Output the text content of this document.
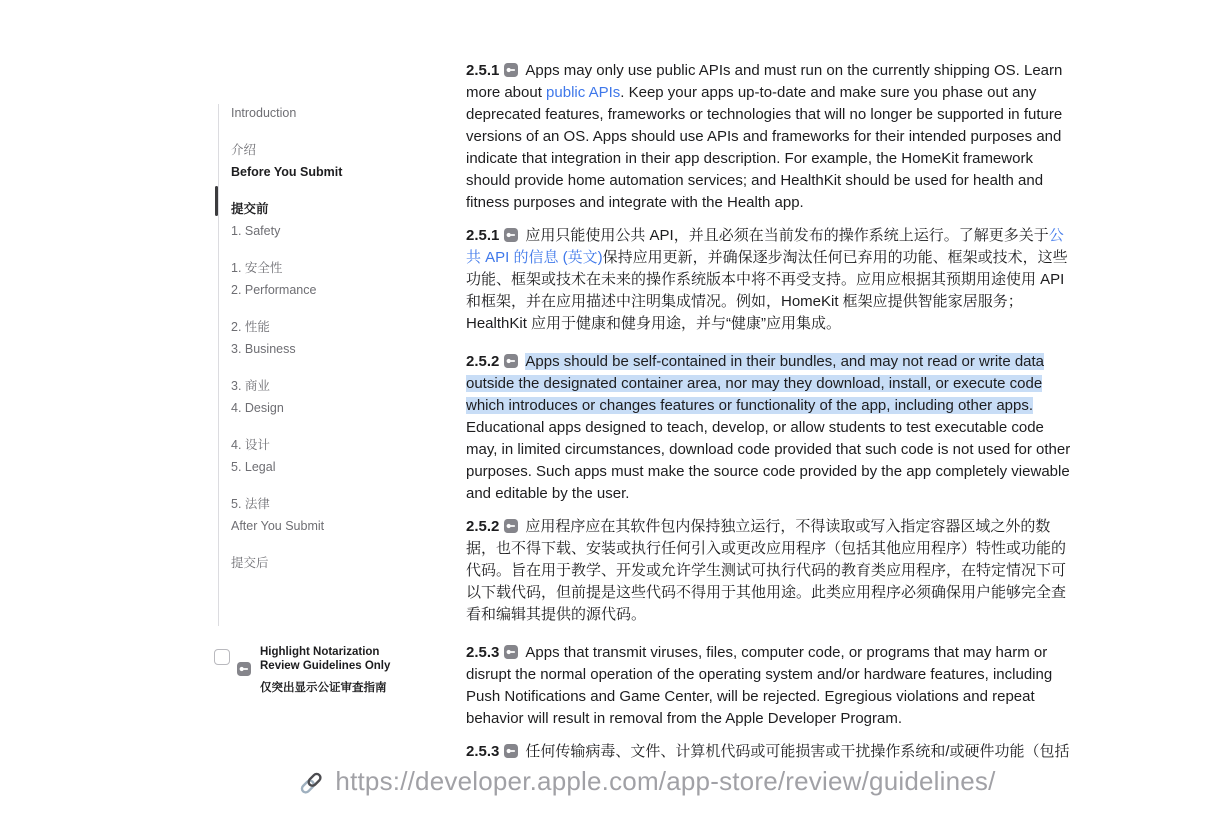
Introduction
介绍
Before You Submit
提交前
1. Safety
1. 安全性
2. Performance
2. 性能
3. Business
3. 商业
4. Design
4. 设计
5. Legal
5. 法律
After You Submit
提交后
Highlight Notarization Review Guidelines Only
仅突出显示公证审查指南

2.5.1 Apps may only use public APIs and must run on the currently shipping OS. Learn more about public APIs. Keep your apps up-to-date and make sure you phase out any deprecated features, frameworks or technologies that will no longer be supported in future versions of an OS. Apps should use APIs and frameworks for their intended purposes and indicate that integration in their app description. For example, the HomeKit framework should provide home automation services; and HealthKit should be used for health and fitness purposes and integrate with the Health app.

2.5.1 应用只能使用公共 API，并且必须在当前发布的操作系统上运行。了解更多关于公共 API 的信息 (英文)保持应用更新，并确保逐步淘汰任何已弃用的功能、框架或技术，这些功能、框架或技术在未来的操作系统版本中将不再受支持。应用应根据其预期用途使用 API 和框架，并在应用描述中注明集成情况。例如，HomeKit 框架应提供智能家居服务；HealthKit 应用于健康和健身用途，并与“健康”应用集成。

2.5.2 Apps should be self-contained in their bundles, and may not read or write data outside the designated container area, nor may they download, install, or execute code which introduces or changes features or functionality of the app, including other apps. Educational apps designed to teach, develop, or allow students to test executable code may, in limited circumstances, download code provided that such code is not used for other purposes. Such apps must make the source code provided by the app completely viewable and editable by the user.

2.5.2 应用程序应在其软件包内保持独立运行，不得读取或写入指定容器区域之外的数据，也不得下载、安装或执行任何引入或更改应用程序（包括其他应用程序）特性或功能的代码。旨在用于教学、开发或允许学生测试可执行代码的教育类应用程序，在特定情况下可以下载代码，但前提是这些代码不得用于其他用途。此类应用程序必须确保用户能够完全查看和编辑其提供的源代码。

2.5.3 Apps that transmit viruses, files, computer code, or programs that may harm or disrupt the normal operation of the operating system and/or hardware features, including Push Notifications and Game Center, will be rejected. Egregious violations and repeat behavior will result in removal from the Apple Developer Program.

2.5.3 任何传输病毒、文件、计算机代码或可能损害或干扰操作系统和/或硬件功能（包括

https://developer.apple.com/app-store/review/guidelines/
